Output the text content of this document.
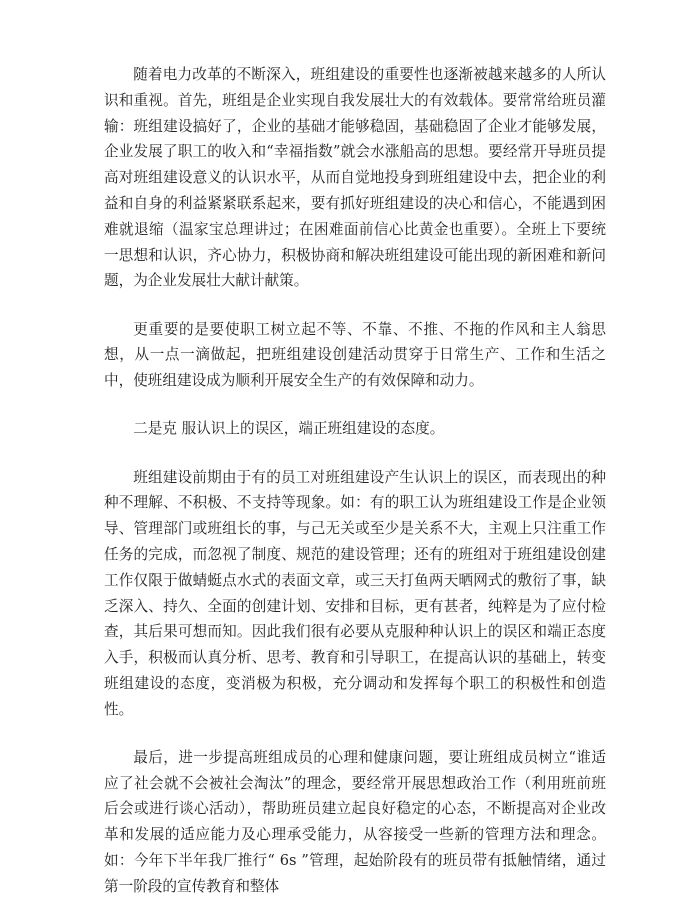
随着电力改革的不断深入，班组建设的重要性也逐渐被越来越多的人所认识和重视。首先，班组是企业实现自我发展壮大的有效载体。要常常给班员灌输：班组建设搞好了，企业的基础才能够稳固，基础稳固了企业才能够发展，企业发展了职工的收入和“幸福指数”就会水涨船高的思想。要经常开导班员提高对班组建设意义的认识水平，从而自觉地投身到班组建设中去，把企业的利益和自身的利益紧紧联系起来，要有抓好班组建设的决心和信心，不能遇到困难就退缩（温家宝总理讲过；在困难面前信心比黄金也重要）。全班上下要统一思想和认识，齐心协力，积极协商和解决班组建设可能出现的新困难和新问题，为企业发展壮大献计献策。

更重要的是要使职工树立起不等、不靠、不推、不拖的作风和主人翁思想，从一点一滴做起，把班组建设创建活动贯穿于日常生产、工作和生活之中，使班组建设成为顺利开展安全生产的有效保障和动力。

二是克 服认识上的误区，端正班组建设的态度。

班组建设前期由于有的员工对班组建设产生认识上的误区，而表现出的种种不理解、不积极、不支持等现象。如：有的职工认为班组建设工作是企业领导、管理部门或班组长的事，与己无关或至少是关系不大，主观上只注重工作任务的完成，而忽视了制度、规范的建设管理；还有的班组对于班组建设创建工作仅限于做蜻蜓点水式的表面文章，或三天打鱼两天晒网式的敷衍了事，缺乏深入、持久、全面的创建计划、安排和目标，更有甚者，纯粹是为了应付检查，其后果可想而知。因此我们很有必要从克服种种认识上的误区和端正态度　入手，积极而认真分析、思考、教育和引导职工，在提高认识的基础上，转变班组建设的态度，变消极为积极，充分调动和发挥每个职工的积极性和创造性。

最后，进一步提高班组成员的心理和健康问题，要让班组成员树立“谁适应了社会就不会被社会淘汰”的理念，要经常开展思想政治工作（利用班前班后会或进行谈心活动），帮助班员建立起良好稳定的心态，不断提高对企业改革和发展的适应能力及心理承受能力，从容接受一些新的管理方法和理念。如：今年下半年我厂推行“ 6s ”管理，起始阶段有的班员带有抵触情绪，通过第一阶段的宣传教育和整体
